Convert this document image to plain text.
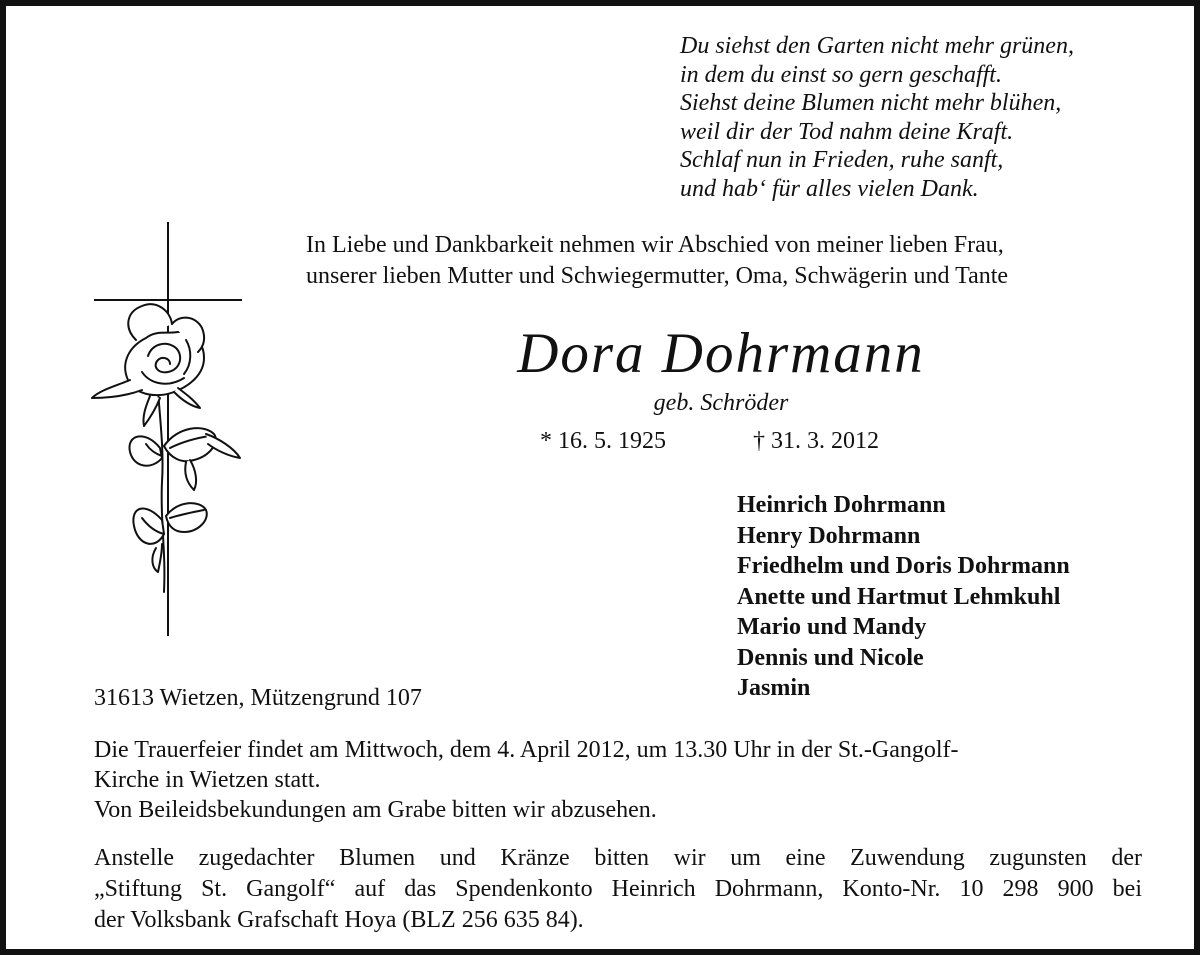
Du siehst den Garten nicht mehr grünen,
in dem du einst so gern geschafft.
Siehst deine Blumen nicht mehr blühen,
weil dir der Tod nahm deine Kraft.
Schlaf nun in Frieden, ruhe sanft,
und hab‘ für alles vielen Dank.
In Liebe und Dankbarkeit nehmen wir Abschied von meiner lieben Frau,
unserer lieben Mutter und Schwiegermutter, Oma, Schwägerin und Tante
Dora Dohrmann
geb. Schröder
* 16. 5. 1925	† 31. 3. 2012
Heinrich Dohrmann
Henry Dohrmann
Friedhelm und Doris Dohrmann
Anette und Hartmut Lehmkuhl
Mario und Mandy
Dennis und Nicole
Jasmin
31613 Wietzen, Mützengrund 107
Die Trauerfeier findet am Mittwoch, dem 4. April 2012, um 13.30 Uhr in der St.-Gangolf-
Kirche in Wietzen statt.
Von Beileidsbekundungen am Grabe bitten wir abzusehen.
Anstelle zugedachter Blumen und Kränze bitten wir um eine Zuwendung zugunsten der
„Stiftung St. Gangolf“ auf das Spendenkonto Heinrich Dohrmann, Konto-Nr. 10 298 900 bei
der Volksbank Grafschaft Hoya (BLZ 256 635 84).
